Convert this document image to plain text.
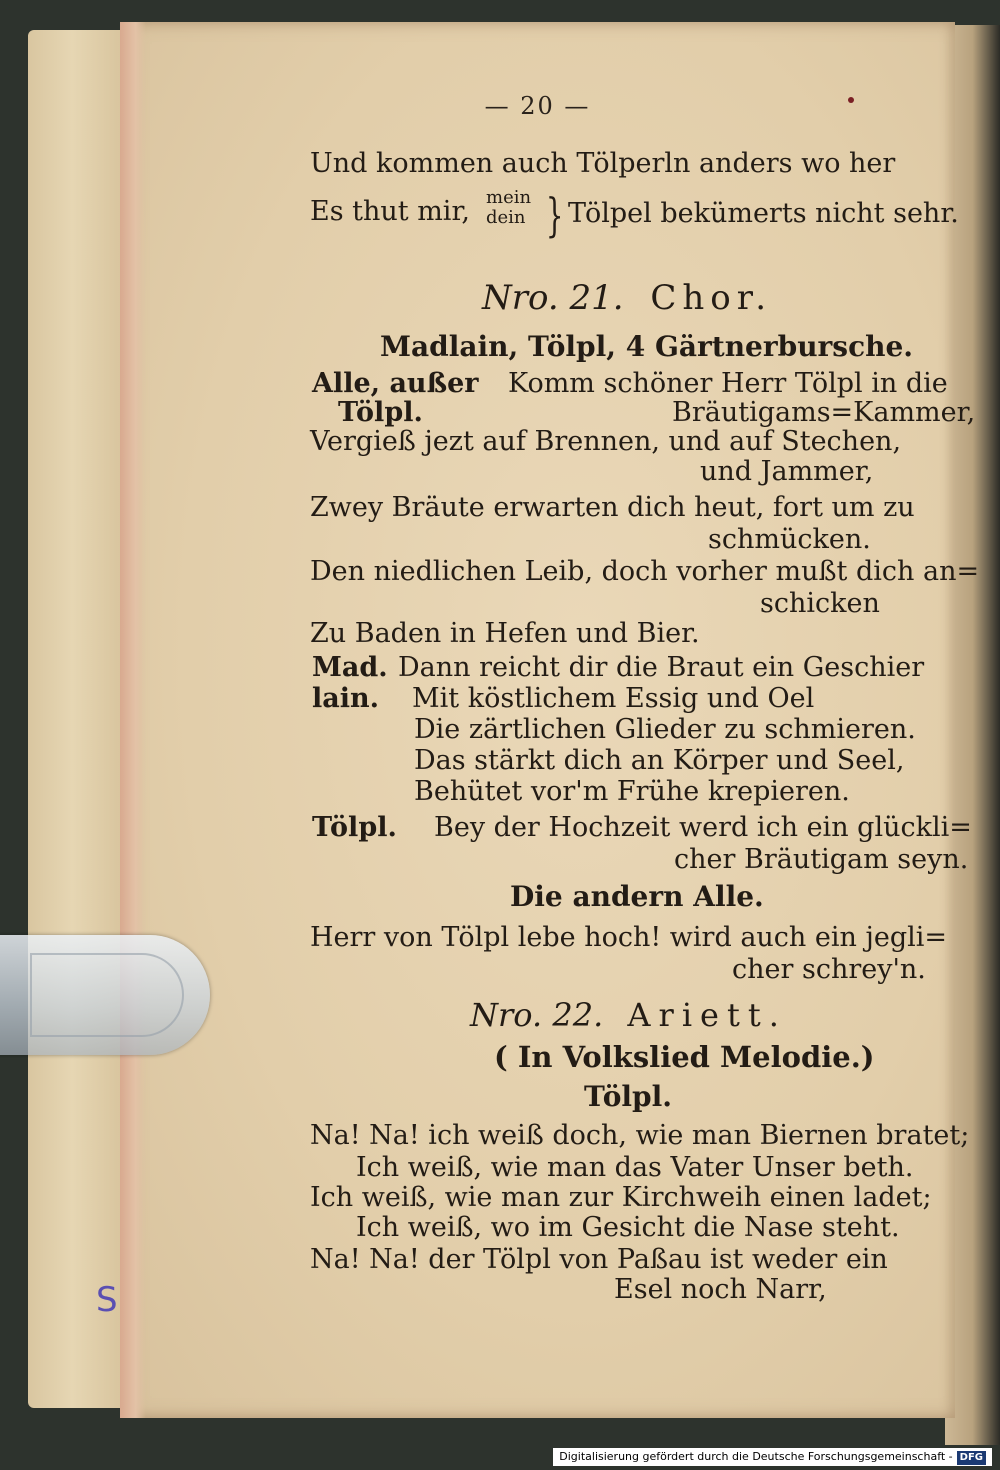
— 20 —
Und kommen auch Tölperln anders wo her
Es thut mir, mein
dein } Tölpel bekümerts nicht sehr.
Nro. 21. Chor.
Madlain, Tölpl, 4 Gärtnerbursche.
Alle, außer Komm schöner Herr Tölpl in die
Tölpl.	Bräutigams=Kammer,
Vergieß jezt auf Brennen, und auf Stechen,
und Jammer,
Zwey Bräute erwarten dich heut, fort um zu
schmücken.
Den niedlichen Leib, doch vorher mußt dich an=
schicken
Zu Baden in Hefen und Bier.
Mad. Dann reicht dir die Braut ein Geschier
lain. Mit köstlichem Essig und Oel
Die zärtlichen Glieder zu schmieren.
Das stärkt dich an Körper und Seel,
Behütet vor'm Frühe krepieren.
Tölpl. Bey der Hochzeit werd ich ein glückli=
cher Bräutigam seyn.
Die andern Alle.
Herr von Tölpl lebe hoch! wird auch ein jegli=
cher schrey'n.
Nro. 22. Ariett.
( In Volkslied Melodie.)
Tölpl.
Na! Na! ich weiß doch, wie man Biernen bratet;
Ich weiß, wie man das Vater Unser beth.
Ich weiß, wie man zur Kirchweih einen ladet;
Ich weiß, wo im Gesicht die Nase steht.
Na! Na! der Tölpl von Paßau ist weder ein
Esel noch Narr,
S
Digitalisierung gefördert durch die Deutsche Forschungsgemeinschaft - DFG
